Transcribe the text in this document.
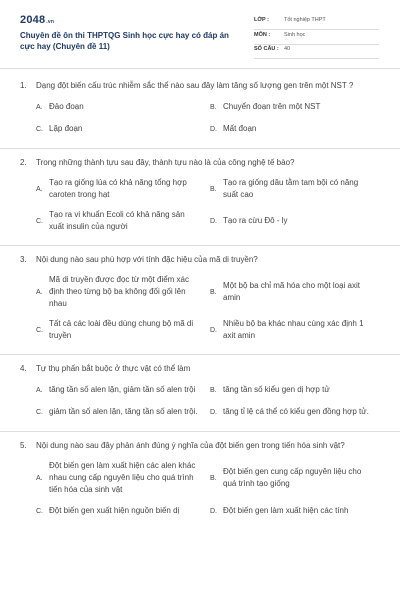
2048.vn
Chuyên đề ôn thi THPTQG Sinh học cực hay có đáp án cực hay (Chuyên đề 11)
LỚP :	Tốt nghiệp THPT
MÔN :	Sinh học
SỐ CÂU : 40
1.	Dạng đột biến cấu trúc nhiễm sắc thể nào sau đây làm tăng số lượng gen trên một NST ?
A. Đảo đoạn	B. Chuyển đoạn trên một NST
C. Lặp đoạn	D. Mất đoạn
2.	Trong những thành tựu sau đây, thành tựu nào là của công nghệ tế bào?
A.
Tạo ra giống lúa có khả năng tổng hợp caroten trong hạt
B.
Tạo ra giống dâu tằm tam bội có năng suất cao
C.
Tạo ra vi khuẩn Ecoli có khả năng sản xuất insulin của người
D. Tạo ra cừu Đô - ly
3.	Nội dung nào sau phù hợp với tính đặc hiệu của mã di truyền?
A.
Mã di truyền được đọc từ một điểm xác định theo từng bộ ba không đối gối lên nhau
B.
Một bộ ba chỉ mã hóa cho một loại axit amin
C.
Tất cả các loài đều dùng chung bộ mã di truyền
D.
Nhiều bộ ba khác nhau cùng xác định 1 axit amin
4.	Tự thụ phấn bắt buộc ở thực vật có thể làm
A. tăng tần số alen lặn, giảm tần số alen trội	B. tăng tần số kiểu gen dị hợp tử
C. giảm tần số alen lặn, tăng tần số alen trội. D. tăng tỉ lệ cá thể có kiểu gen đồng hợp tử.
5.	Nội dung nào sau đây phản ánh đúng ý nghĩa của đột biến gen trong tiến hóa sinh vật?
A.
Đột biến gen làm xuất hiện các alen khác nhau cung cấp nguyên liệu cho quá trình tiến hóa của sinh vật
B.
Đột biến gen cung cấp nguyên liệu cho quá trình tạo giống
C. Đột biến gen xuất hiện nguồn biến dị	D. Đột biến gen làm xuất hiện các tính
